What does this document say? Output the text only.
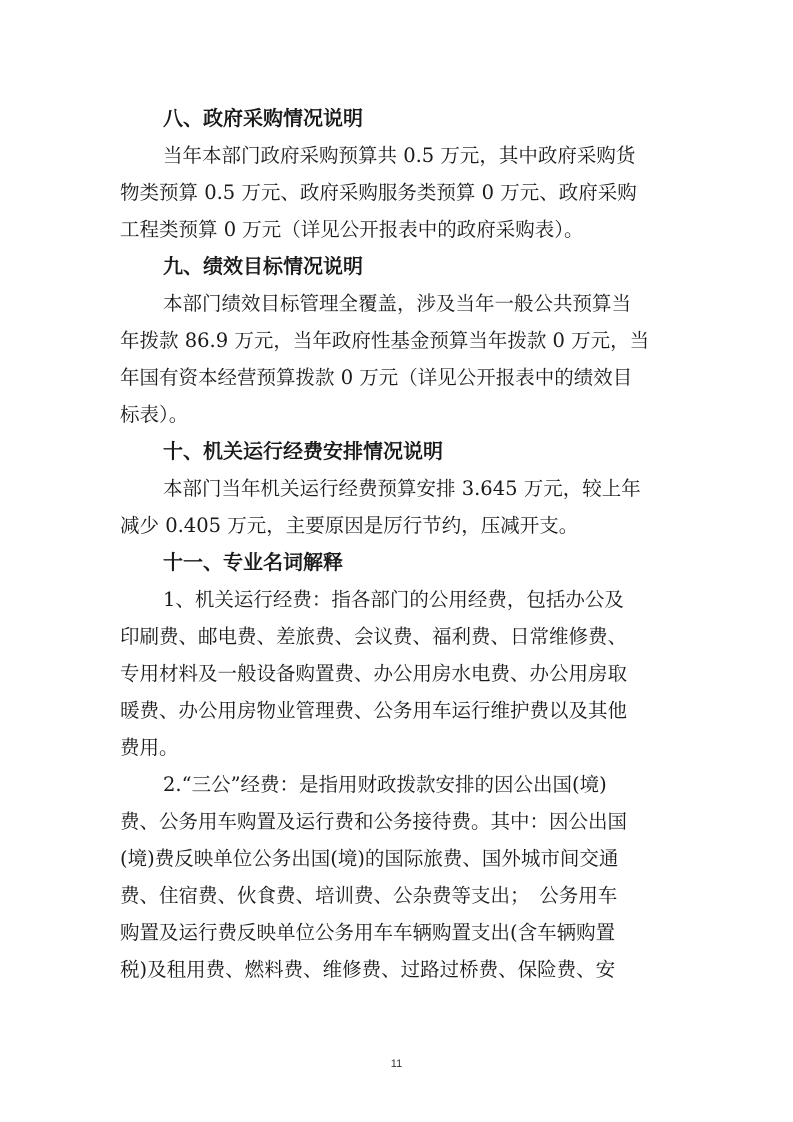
八、政府采购情况说明

当年本部门政府采购预算共 0.5 万元，其中政府采购货

物类预算 0.5 万元、政府采购服务类预算 0 万元、政府采购

工程类预算 0 万元（详见公开报表中的政府采购表）。

九、绩效目标情况说明

本部门绩效目标管理全覆盖，涉及当年一般公共预算当

年拨款 86.9 万元，当年政府性基金预算当年拨款 0 万元，当

年国有资本经营预算拨款 0 万元（详见公开报表中的绩效目

标表）。

十、机关运行经费安排情况说明

本部门当年机关运行经费预算安排 3.645 万元，较上年

减少 0.405 万元，主要原因是厉行节约，压减开支。

十一、专业名词解释

1、机关运行经费：指各部门的公用经费，包括办公及

印刷费、邮电费、差旅费、会议费、福利费、日常维修费、

专用材料及一般设备购置费、办公用房水电费、办公用房取

暖费、办公用房物业管理费、公务用车运行维护费以及其他

费用。

2.“三公”经费：是指用财政拨款安排的因公出国(境)

费、公务用车购置及运行费和公务接待费。其中：因公出国

(境)费反映单位公务出国(境)的国际旅费、国外城市间交通

费、住宿费、伙食费、培训费、公杂费等支出；　公务用车

购置及运行费反映单位公务用车车辆购置支出(含车辆购置

税)及租用费、燃料费、维修费、过路过桥费、保险费、安

11
